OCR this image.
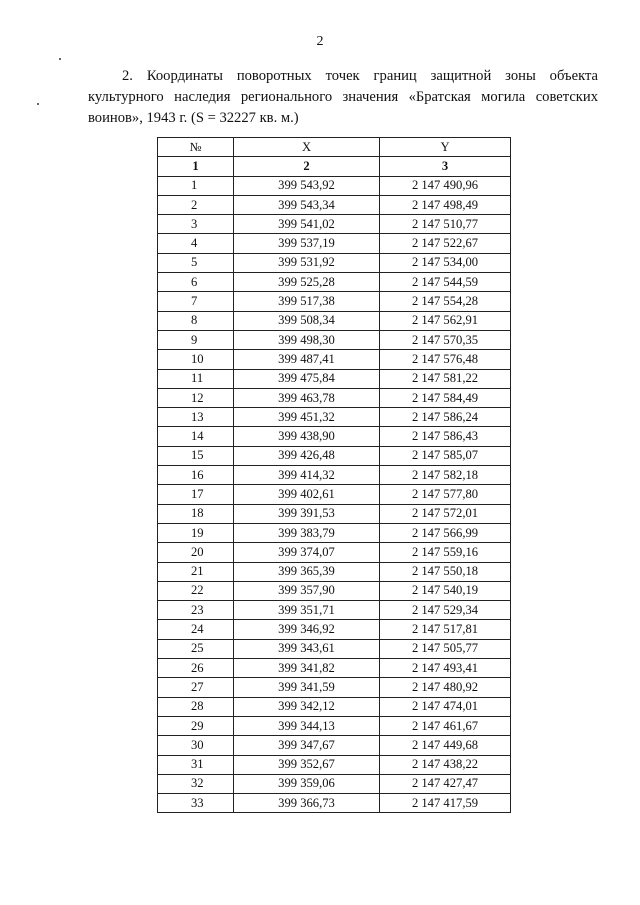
2
2. Координаты поворотных точек границ защитной зоны объекта культурного наследия регионального значения «Братская могила советских воинов», 1943 г. (S = 32227 кв. м.)
№	X	Y
1	2	3
1	399 543,92	2 147 490,96
2	399 543,34	2 147 498,49
3	399 541,02	2 147 510,77
4	399 537,19	2 147 522,67
5	399 531,92	2 147 534,00
6	399 525,28	2 147 544,59
7	399 517,38	2 147 554,28
8	399 508,34	2 147 562,91
9	399 498,30	2 147 570,35
10	399 487,41	2 147 576,48
11	399 475,84	2 147 581,22
12	399 463,78	2 147 584,49
13	399 451,32	2 147 586,24
14	399 438,90	2 147 586,43
15	399 426,48	2 147 585,07
16	399 414,32	2 147 582,18
17	399 402,61	2 147 577,80
18	399 391,53	2 147 572,01
19	399 383,79	2 147 566,99
20	399 374,07	2 147 559,16
21	399 365,39	2 147 550,18
22	399 357,90	2 147 540,19
23	399 351,71	2 147 529,34
24	399 346,92	2 147 517,81
25	399 343,61	2 147 505,77
26	399 341,82	2 147 493,41
27	399 341,59	2 147 480,92
28	399 342,12	2 147 474,01
29	399 344,13	2 147 461,67
30	399 347,67	2 147 449,68
31	399 352,67	2 147 438,22
32	399 359,06	2 147 427,47
33	399 366,73	2 147 417,59
